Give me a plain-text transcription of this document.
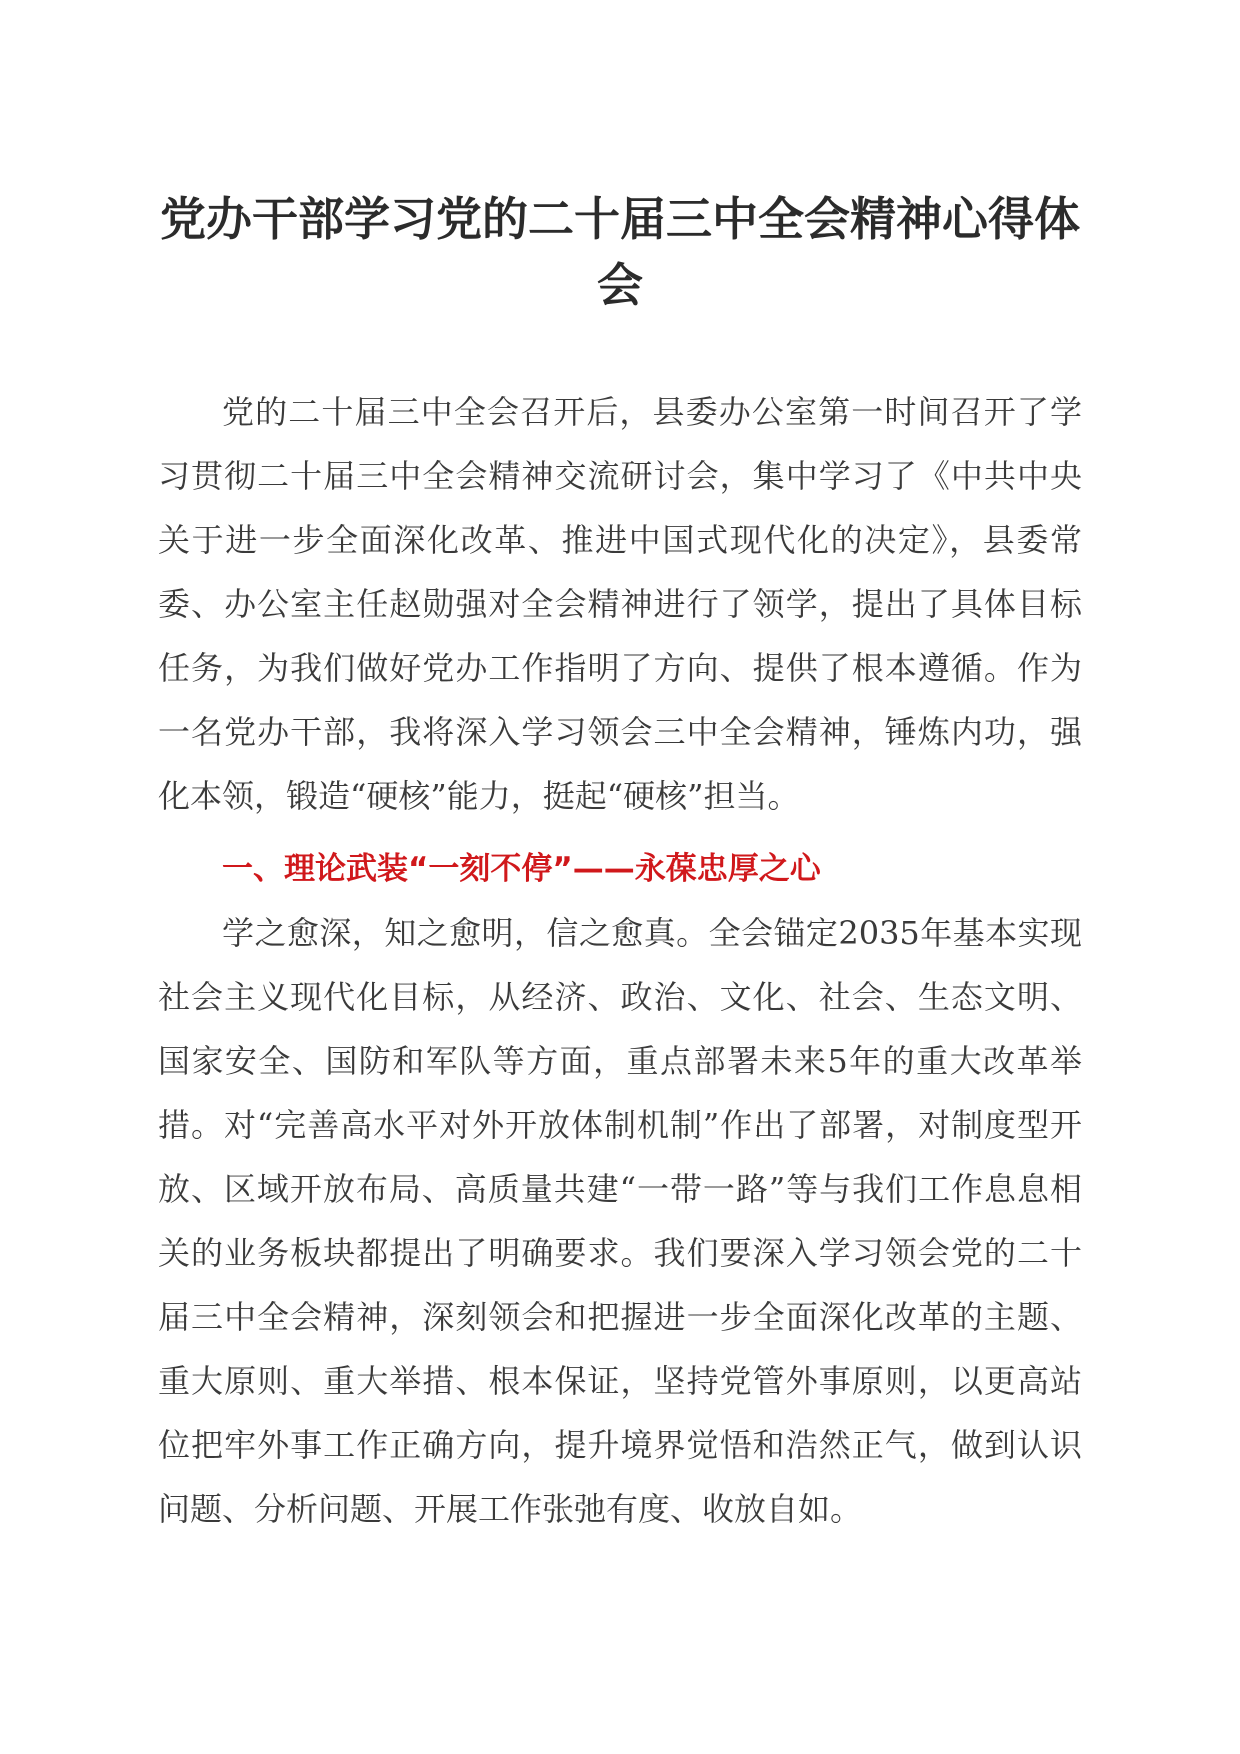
党办干部学习党的二十届三中全会精神心得体会

党的二十届三中全会召开后，县委办公室第一时间召开了学习贯彻二十届三中全会精神交流研讨会，集中学习了《中共中央关于进一步全面深化改革、推进中国式现代化的决定》，县委常委、办公室主任赵勋强对全会精神进行了领学，提出了具体目标任务，为我们做好党办工作指明了方向、提供了根本遵循。作为一名党办干部，我将深入学习领会三中全会精神，锤炼内功，强化本领，锻造“硬核”能力，挺起“硬核”担当。

一、理论武装“一刻不停”——永葆忠厚之心

学之愈深，知之愈明，信之愈真。全会锚定2035年基本实现社会主义现代化目标，从经济、政治、文化、社会、生态文明、国家安全、国防和军队等方面，重点部署未来5年的重大改革举措。对“完善高水平对外开放体制机制”作出了部署，对制度型开放、区域开放布局、高质量共建“一带一路”等与我们工作息息相关的业务板块都提出了明确要求。我们要深入学习领会党的二十届三中全会精神，深刻领会和把握进一步全面深化改革的主题、重大原则、重大举措、根本保证，坚持党管外事原则，以更高站位把牢外事工作正确方向，提升境界觉悟和浩然正气，做到认识问题、分析问题、开展工作张弛有度、收放自如。
